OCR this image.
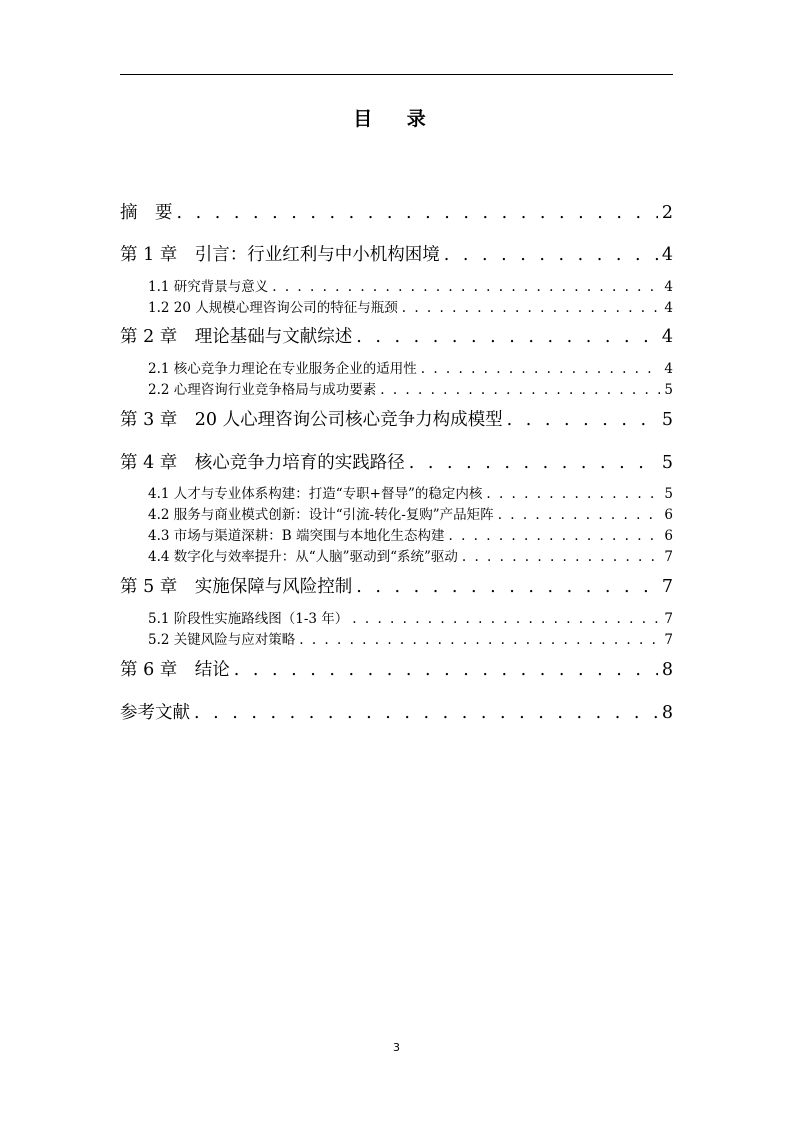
目 录
摘　要 . . .	2
第 1 章　引言：行业红利与中小机构困境 . . .	4
1.1 研究背景与意义 . . .	4
1.2 20 人规模心理咨询公司的特征与瓶颈 . . .	4
第 2 章　理论基础与文献综述 . . .	4
2.1 核心竞争力理论在专业服务企业的适用性 . . .	4
2.2 心理咨询行业竞争格局与成功要素 . . .	5
第 3 章　20 人心理咨询公司核心竞争力构成模型 . . .	5
第 4 章　核心竞争力培育的实践路径 . . .	5
4.1 人才与专业体系构建：打造“专职+督导”的稳定内核 . . .	5
4.2 服务与商业模式创新：设计“引流-转化-复购”产品矩阵 . . .	6
4.3 市场与渠道深耕：B 端突围与本地化生态构建 . . .	6
4.4 数字化与效率提升：从“人脑”驱动到“系统”驱动 . . .	7
第 5 章　实施保障与风险控制 . . .	7
5.1 阶段性实施路线图（1-3 年） . . .	7
5.2 关键风险与应对策略 . . .	7
第 6 章　结论 . . .	8
参考文献 . . .	8
3
